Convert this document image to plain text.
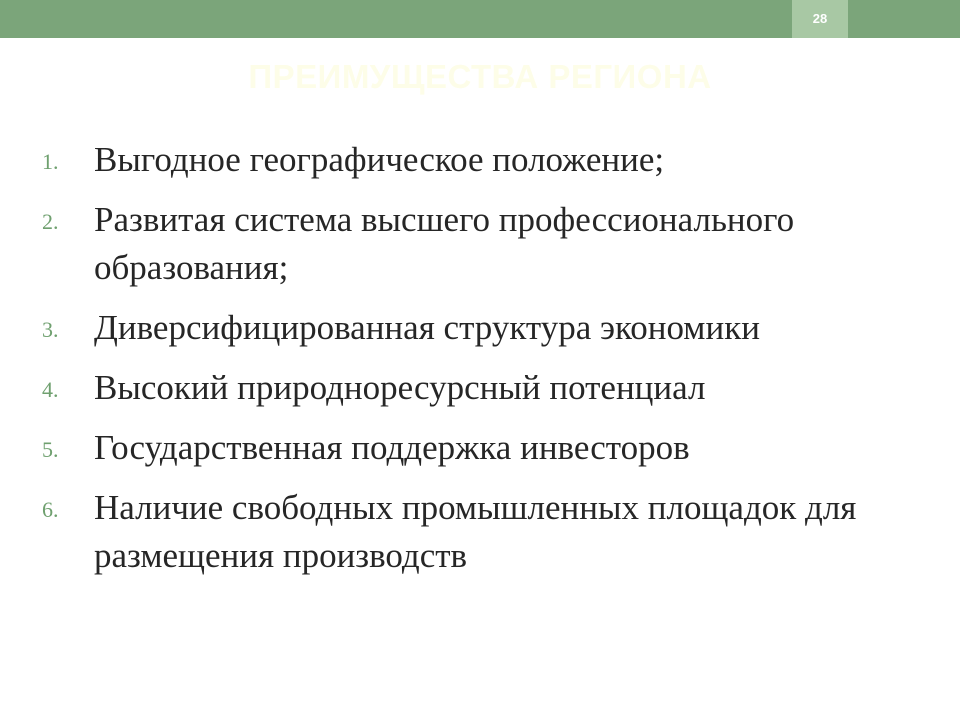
28
ПРЕИМУЩЕСТВА РЕГИОНА
1. Выгодное географическое положение;
2. Развитая система высшего профессионального образования;
3. Диверсифицированная структура экономики
4. Высокий природноресурсный потенциал
5. Государственная поддержка инвесторов
6. Наличие свободных промышленных площадок для размещения производств
